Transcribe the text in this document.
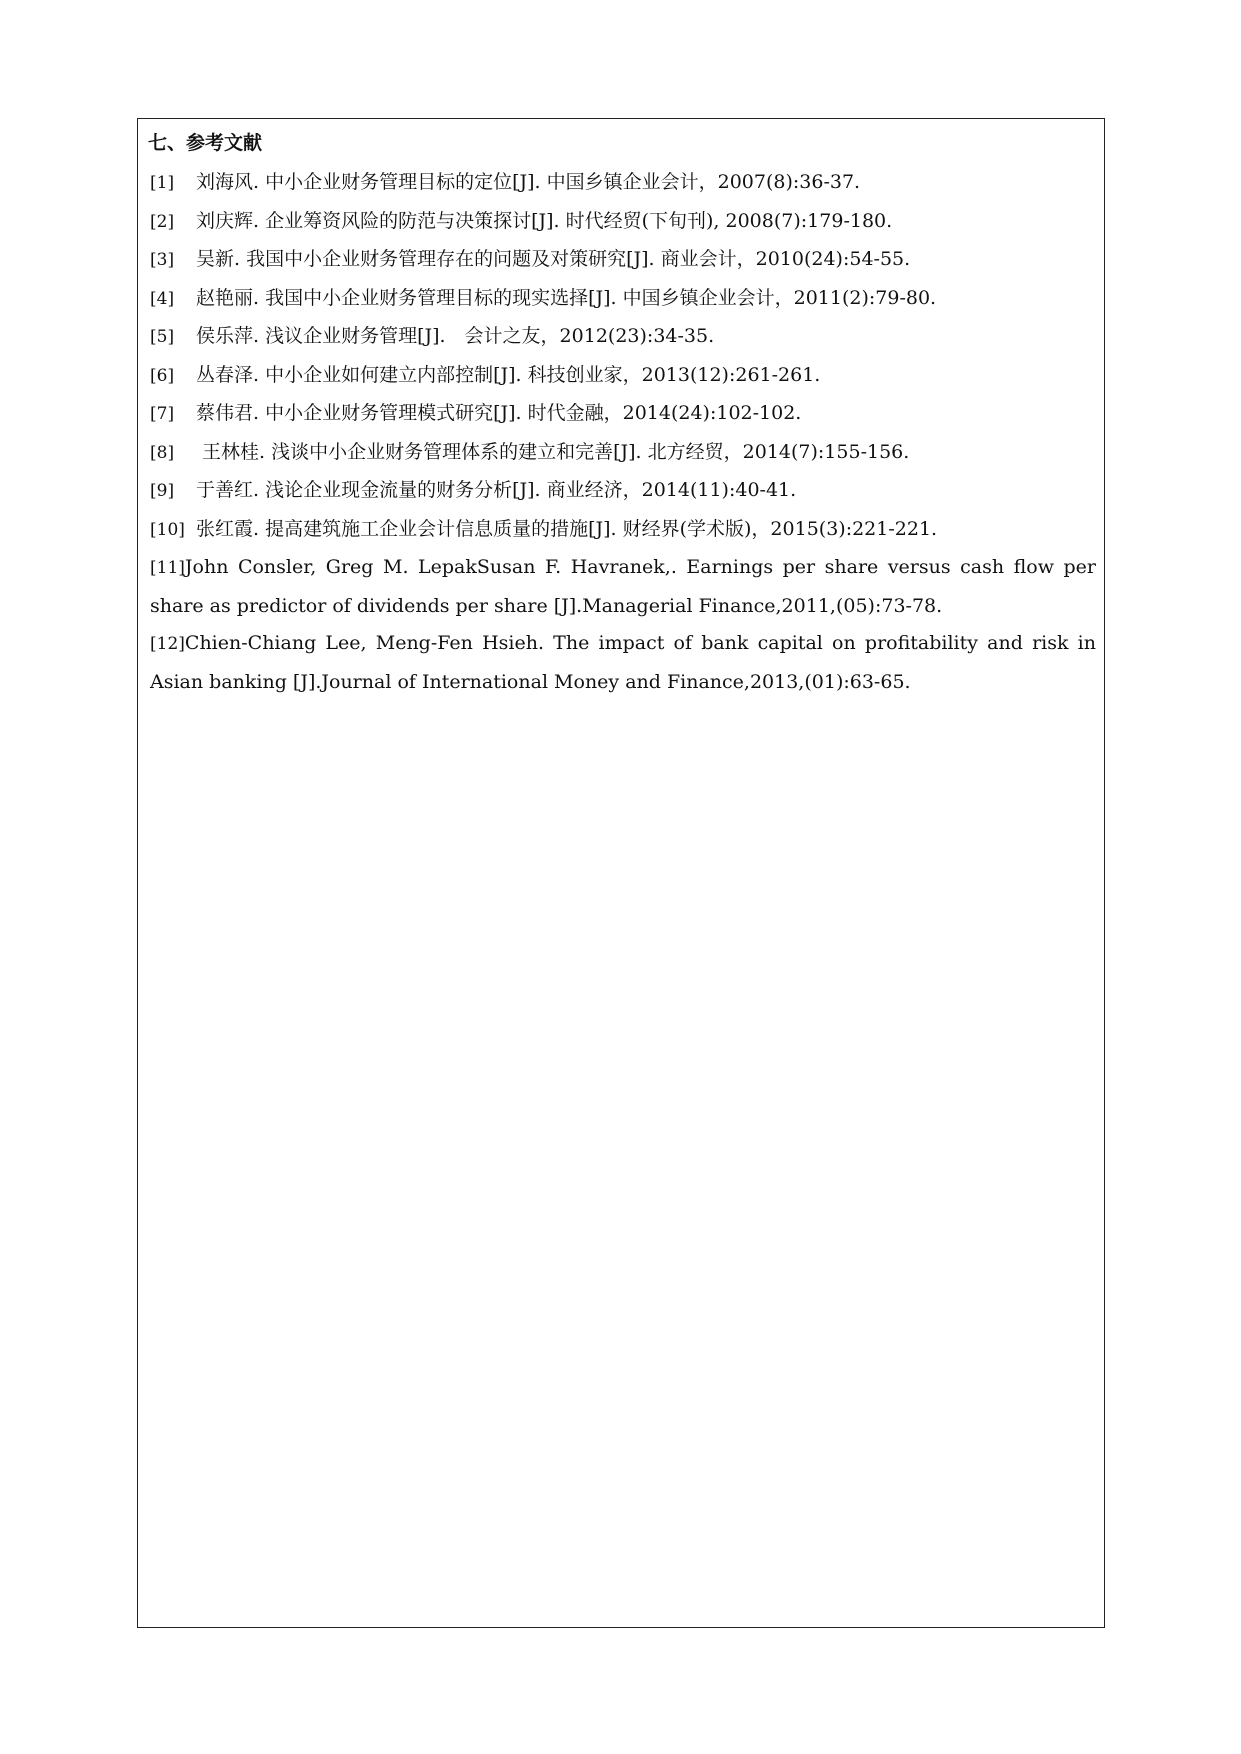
七、参考文献
[1] 刘海风. 中小企业财务管理目标的定位[J]. 中国乡镇企业会计，2007(8):36-37.
[2] 刘庆辉. 企业筹资风险的防范与决策探讨[J]. 时代经贸(下旬刊), 2008(7):179-180.
[3] 吴新. 我国中小企业财务管理存在的问题及对策研究[J]. 商业会计，2010(24):54-55.
[4] 赵艳丽. 我国中小企业财务管理目标的现实选择[J]. 中国乡镇企业会计，2011(2):79-80.
[5] 侯乐萍. 浅议企业财务管理[J].　会计之友，2012(23):34-35.
[6] 丛春泽. 中小企业如何建立内部控制[J]. 科技创业家，2013(12):261-261.
[7] 蔡伟君. 中小企业财务管理模式研究[J]. 时代金融，2014(24):102-102.
[8] 王林桂. 浅谈中小企业财务管理体系的建立和完善[J]. 北方经贸，2014(7):155-156.
[9] 于善红. 浅论企业现金流量的财务分析[J]. 商业经济，2014(11):40-41.
[10] 张红霞. 提高建筑施工企业会计信息质量的措施[J]. 财经界(学术版)，2015(3):221-221.
[11]John Consler, Greg M. LepakSusan F. Havranek,. Earnings per share versus cash flow per share as predictor of dividends per share [J].Managerial Finance,2011,(05):73-78.
[12]Chien-Chiang Lee, Meng-Fen Hsieh. The impact of bank capital on profitability and risk in Asian banking [J].Journal of International Money and Finance,2013,(01):63-65.
